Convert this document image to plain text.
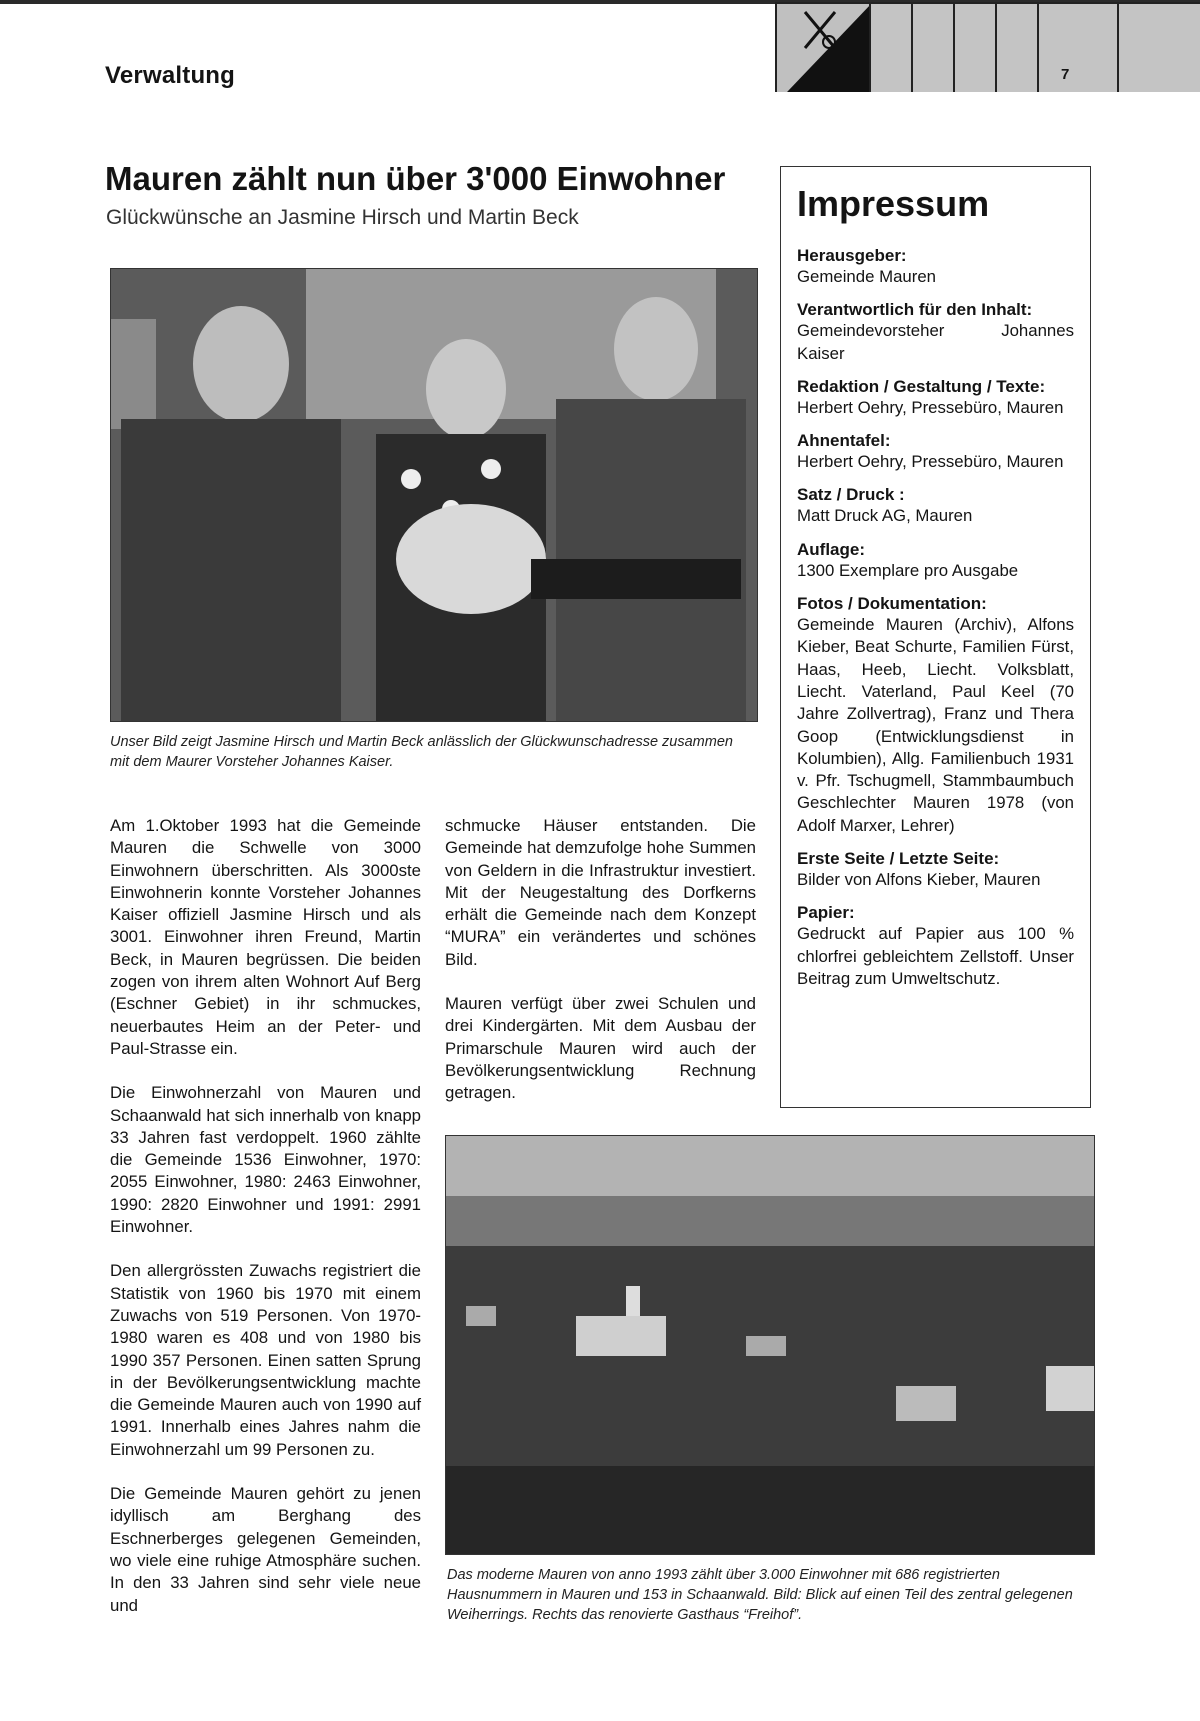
Verwaltung	7
Mauren zählt nun über 3'000 Einwohner
Glückwünsche an Jasmine Hirsch und Martin Beck
Unser Bild zeigt Jasmine Hirsch und Martin Beck anlässlich der Glückwunschadresse zusammen mit dem Maurer Vorsteher Johannes Kaiser.

Am 1.Oktober 1993 hat die Gemeinde Mauren die Schwelle von 3000 Einwohnern überschritten. Als 3000ste Einwohnerin konnte Vorsteher Johannes Kaiser offiziell Jasmine Hirsch und als 3001. Einwohner ihren Freund, Martin Beck, in Mauren begrüssen. Die beiden zogen von ihrem alten Wohnort Auf Berg (Eschner Gebiet) in ihr schmuckes, neuerbautes Heim an der Peter- und Paul-Strasse ein.

Die Einwohnerzahl von Mauren und Schaanwald hat sich innerhalb von knapp 33 Jahren fast verdoppelt. 1960 zählte die Gemeinde 1536 Einwohner, 1970: 2055 Einwohner, 1980: 2463 Einwohner, 1990: 2820 Einwohner und 1991: 2991 Einwohner.

Den allergrössten Zuwachs registriert die Statistik von 1960 bis 1970 mit einem Zuwachs von 519 Personen. Von 1970-1980 waren es 408 und von 1980 bis 1990 357 Personen. Einen satten Sprung in der Bevölkerungsentwicklung machte die Gemeinde Mauren auch von 1990 auf 1991. Innerhalb eines Jahres nahm die Einwohnerzahl um 99 Personen zu.

Die Gemeinde Mauren gehört zu jenen idyllisch am Berghang des Eschnerberges gelegenen Gemeinden, wo viele eine ruhige Atmosphäre suchen. In den 33 Jahren sind sehr viele neue und

schmucke Häuser entstanden. Die Gemeinde hat demzufolge hohe Summen von Geldern in die Infrastruktur investiert. Mit der Neugestaltung des Dorfkerns erhält die Gemeinde nach dem Konzept “MURA” ein verändertes und schönes Bild.

Mauren verfügt über zwei Schulen und drei Kindergärten. Mit dem Ausbau der Primarschule Mauren wird auch der Bevölkerungsentwicklung Rechnung getragen.

Impressum
Herausgeber:
Gemeinde Mauren
Verantwortlich für den Inhalt:
Gemeindevorsteher Johannes Kaiser
Redaktion / Gestaltung / Texte:
Herbert Oehry, Pressebüro, Mauren
Ahnentafel:
Herbert Oehry, Pressebüro, Mauren
Satz / Druck :
Matt Druck AG, Mauren
Auflage:
1300 Exemplare pro Ausgabe
Fotos / Dokumentation:
Gemeinde Mauren (Archiv), Alfons Kieber, Beat Schurte, Familien Fürst, Haas, Heeb, Liecht. Volksblatt, Liecht. Vaterland, Paul Keel (70 Jahre Zollvertrag), Franz und Thera Goop (Entwicklungsdienst in Kolumbien), Allg. Familienbuch 1931 v. Pfr. Tschugmell, Stammbaumbuch Geschlechter Mauren 1978 (von Adolf Marxer, Lehrer)
Erste Seite / Letzte Seite:
Bilder von Alfons Kieber, Mauren
Papier:
Gedruckt auf Papier aus 100 % chlorfrei gebleichtem Zellstoff. Unser Beitrag zum Umweltschutz.
Das moderne Mauren von anno 1993 zählt über 3.000 Einwohner mit 686 registrierten Hausnummern in Mauren und 153 in Schaanwald. Bild: Blick auf einen Teil des zentral gelegenen Weiherrings. Rechts das renovierte Gasthaus “Freihof”.
